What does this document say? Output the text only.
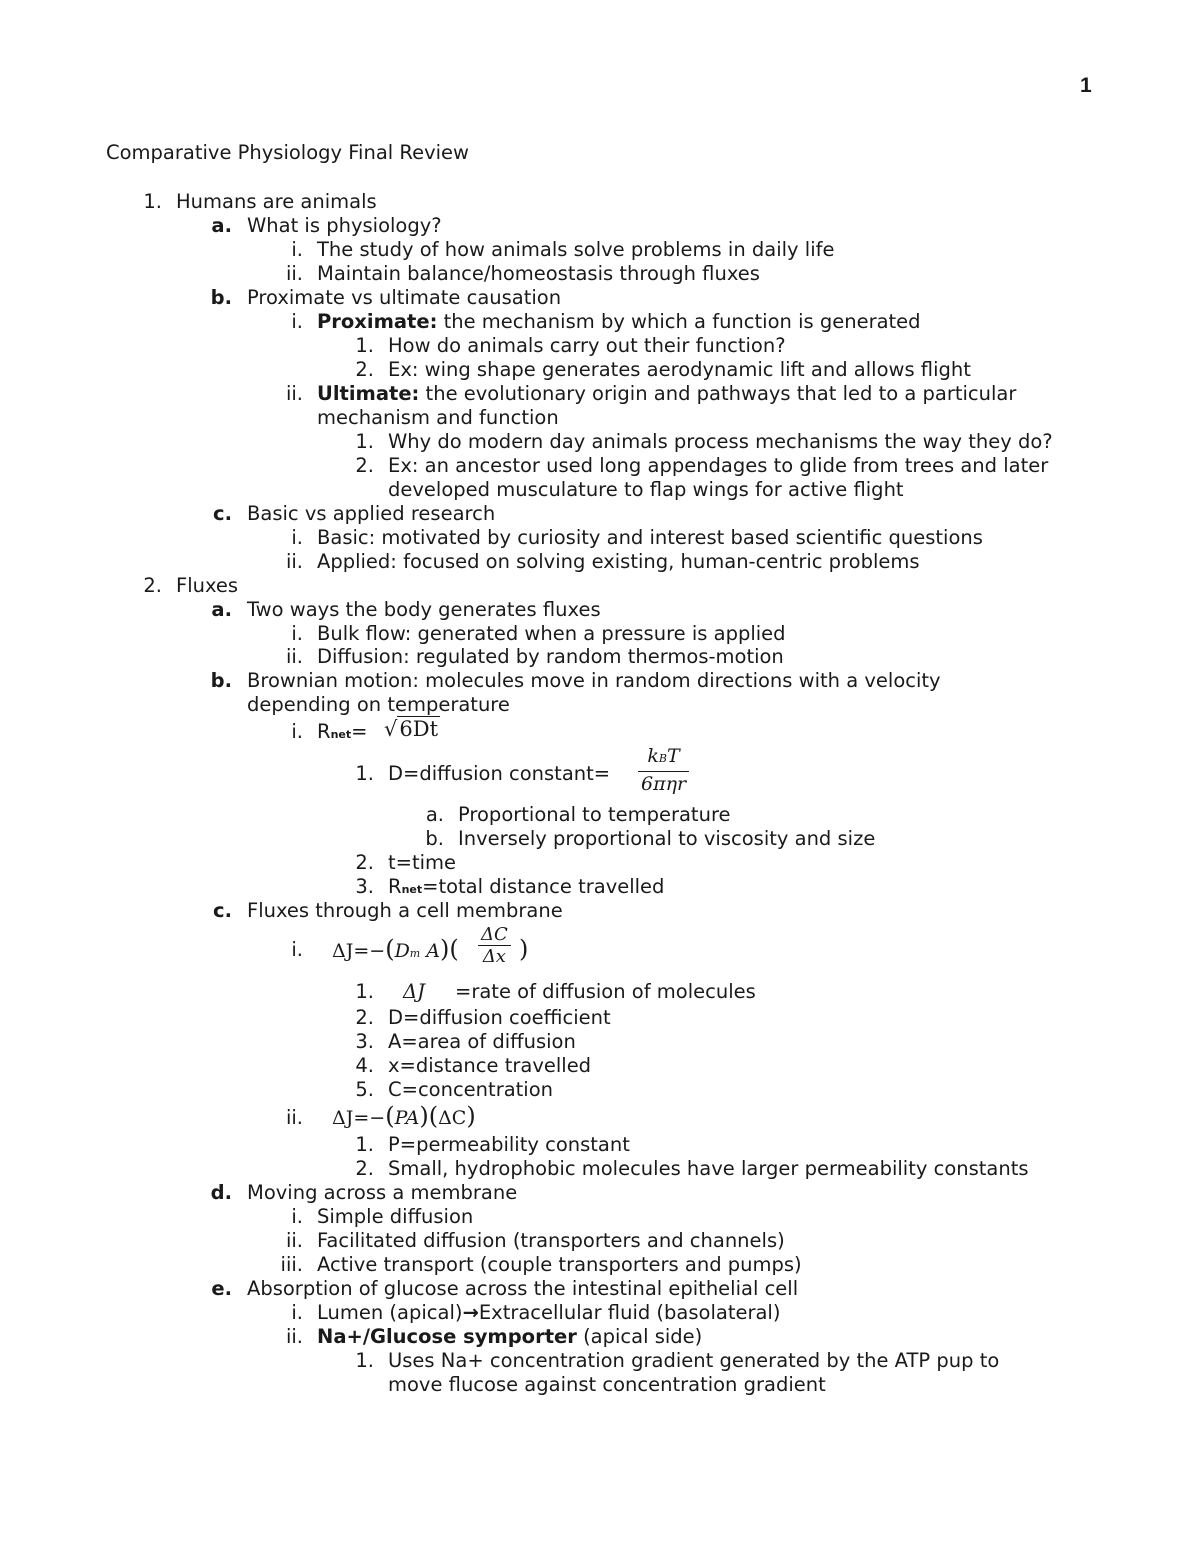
1
Comparative Physiology Final Review
1. Humans are animals
a. What is physiology?
i. The study of how animals solve problems in daily life
ii. Maintain balance/homeostasis through fluxes
b. Proximate vs ultimate causation
i. Proximate: the mechanism by which a function is generated
1. How do animals carry out their function?
2. Ex: wing shape generates aerodynamic lift and allows flight
ii. Ultimate: the evolutionary origin and pathways that led to a particular
mechanism and function
1. Why do modern day animals process mechanisms the way they do?
2. Ex: an ancestor used long appendages to glide from trees and later
developed musculature to flap wings for active flight
c. Basic vs applied research
i. Basic: motivated by curiosity and interest based scientific questions
ii. Applied: focused on solving existing, human-centric problems
2. Fluxes
a. Two ways the body generates fluxes
i. Bulk flow: generated when a pressure is applied
ii. Diffusion: regulated by random thermos-motion
b. Brownian motion: molecules move in random directions with a velocity
depending on temperature
i. Rnet= √6Dt
1. D=diffusion constant=
kBT
6πηr
a. Proportional to temperature
b. Inversely proportional to viscosity and size
2. t=time
3. Rnet=total distance travelled
c. Fluxes through a cell membrane
i. ΔJ=−(Dm A)(
ΔC
Δx )
1. ΔJ =rate of diffusion of molecules
2. D=diffusion coefficient
3. A=area of diffusion
4. x=distance travelled
5. C=concentration
ii. ΔJ=−(PA)(ΔC)
1. P=permeability constant
2. Small, hydrophobic molecules have larger permeability constants
d. Moving across a membrane
i. Simple diffusion
ii. Facilitated diffusion (transporters and channels)
iii. Active transport (couple transporters and pumps)
e. Absorption of glucose across the intestinal epithelial cell
i. Lumen (apical)→Extracellular fluid (basolateral)
ii. Na+/Glucose symporter (apical side)
1. Uses Na+ concentration gradient generated by the ATP pup to
move flucose against concentration gradient
